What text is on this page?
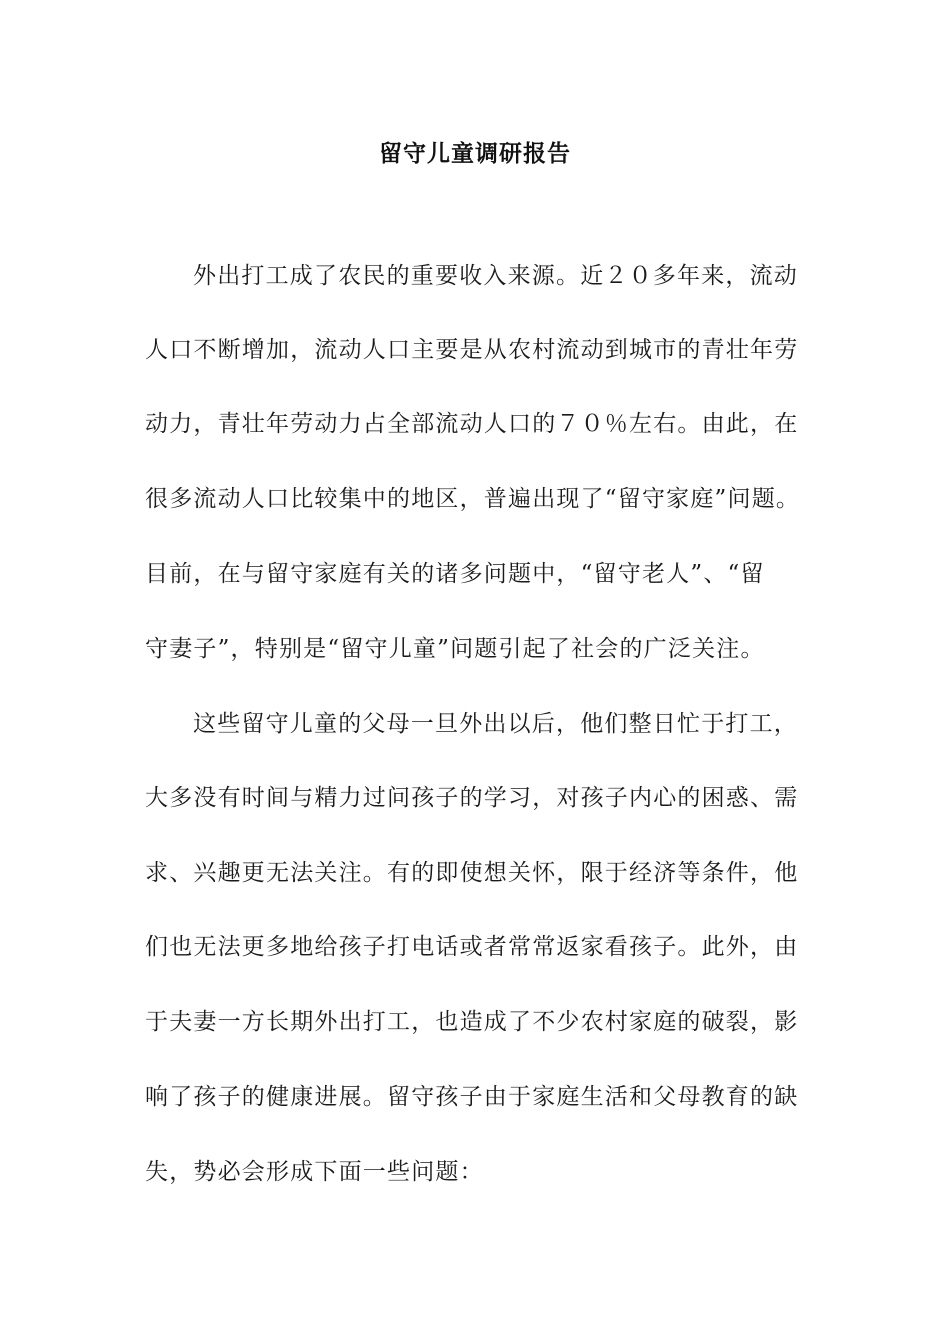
留守儿童调研报告
外出打工成了农民的重要收入来源。近２０多年来，流动
人口不断增加，流动人口主要是从农村流动到城市的青壮年劳
动力，青壮年劳动力占全部流动人口的７０％左右。由此，在
很多流动人口比较集中的地区，普遍出现了“留守家庭”问题。
目前，在与留守家庭有关的诸多问题中，“留守老人”、“留
守妻子”，特别是“留守儿童”问题引起了社会的广泛关注。
这些留守儿童的父母一旦外出以后，他们整日忙于打工，
大多没有时间与精力过问孩子的学习，对孩子内心的困惑、需
求、兴趣更无法关注。有的即使想关怀，限于经济等条件，他
们也无法更多地给孩子打电话或者常常返家看孩子。此外，由
于夫妻一方长期外出打工，也造成了不少农村家庭的破裂，影
响了孩子的健康进展。留守孩子由于家庭生活和父母教育的缺
失，势必会形成下面一些问题：
